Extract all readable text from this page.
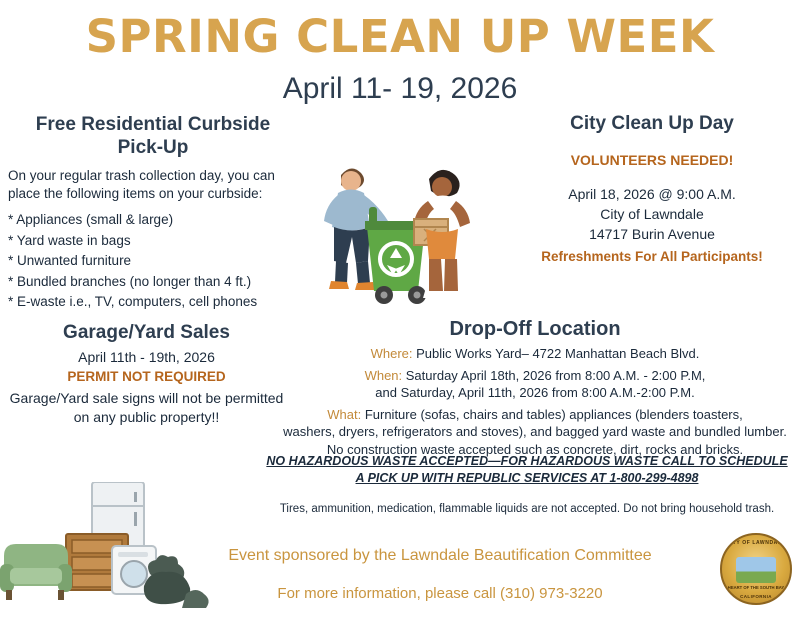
SPRING CLEAN UP WEEK
April 11- 19, 2026
Free Residential Curbside
Pick-Up

On your regular trash collection day, you can place the following items on your curbside:

* Appliances (small & large)
* Yard waste in bags
* Unwanted furniture
* Bundled branches (no longer than 4 ft.)
* E-waste i.e., TV, computers, cell phones
Garage/Yard Sales

April 11th - 19th, 2026

PERMIT NOT REQUIRED

Garage/Yard sale signs will not be permitted on any public property!!

City Clean Up Day

VOLUNTEERS NEEDED!

April 18, 2026 @ 9:00 A.M.

City of Lawndale

14717 Burin Avenue

Refreshments For All Participants!

Drop-Off Location

Where: Public Works Yard– 4722 Manhattan Beach Blvd.

When: Saturday April 18th, 2026 from 8:00 A.M. - 2:00 P.M,

and Saturday, April 11th, 2026 from 8:00 A.M.-2:00 P.M.

What: Furniture (sofas, chairs and tables) appliances (blenders toasters,

washers, dryers, refrigerators and stoves), and bagged yard waste and bundled lumber.

No construction waste accepted such as concrete, dirt, rocks and bricks.

NO HAZARDOUS WASTE ACCEPTED—FOR HAZARDOUS WASTE CALL TO SCHEDULE A PICK UP WITH REPUBLIC SERVICES AT 1-800-299-4898
Tires, ammunition, medication, flammable liquids are not accepted. Do not bring household trash.
Event sponsored by the Lawndale Beautification Committee
For more information, please call (310) 973-3220
CITY OF LAWNDALE
HEART OF THE SOUTH BAY
CALIFORNIA
